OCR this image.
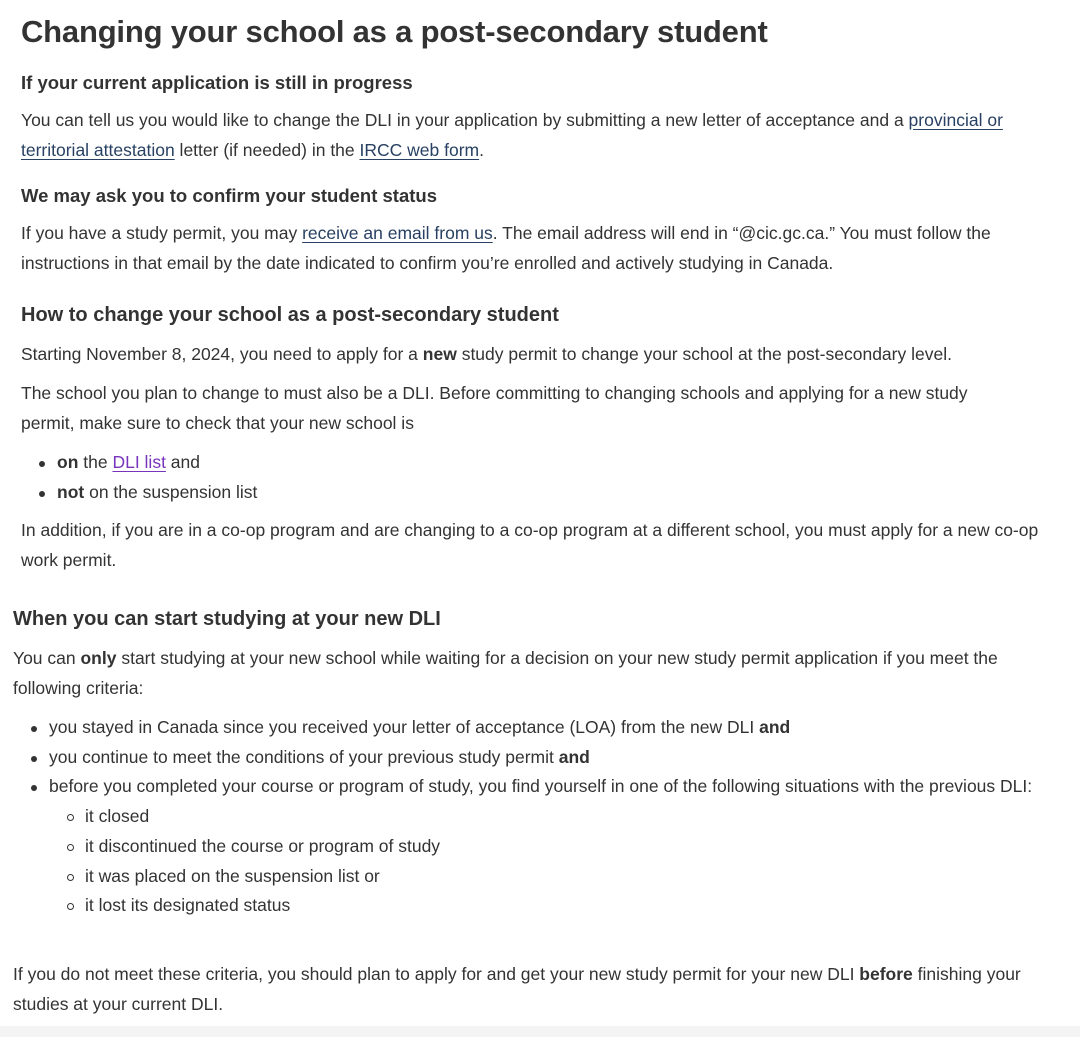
Changing your school as a post-secondary student
If your current application is still in progress

You can tell us you would like to change the DLI in your application by submitting a new letter of acceptance and a provincial or territorial attestation letter (if needed) in the IRCC web form.

We may ask you to confirm your student status

If you have a study permit, you may receive an email from us. The email address will end in “@cic.gc.ca.” You must follow the instructions in that email by the date indicated to confirm you’re enrolled and actively studying in Canada.

How to change your school as a post-secondary student

Starting November 8, 2024, you need to apply for a new study permit to change your school at the post-secondary level.

The school you plan to change to must also be a DLI. Before committing to changing schools and applying for a new study permit, make sure to check that your new school is

on the DLI list and
not on the suspension list

In addition, if you are in a co-op program and are changing to a co-op program at a different school, you must apply for a new co-op work permit.

When you can start studying at your new DLI

You can only start studying at your new school while waiting for a decision on your new study permit application if you meet the following criteria:

you stayed in Canada since you received your letter of acceptance (LOA) from the new DLI and
you continue to meet the conditions of your previous study permit and
before you completed your course or program of study, you find yourself in one of the following situations with the previous DLI:
it closed
it discontinued the course or program of study
it was placed on the suspension list or
it lost its designated status

If you do not meet these criteria, you should plan to apply for and get your new study permit for your new DLI before finishing your studies at your current DLI.
